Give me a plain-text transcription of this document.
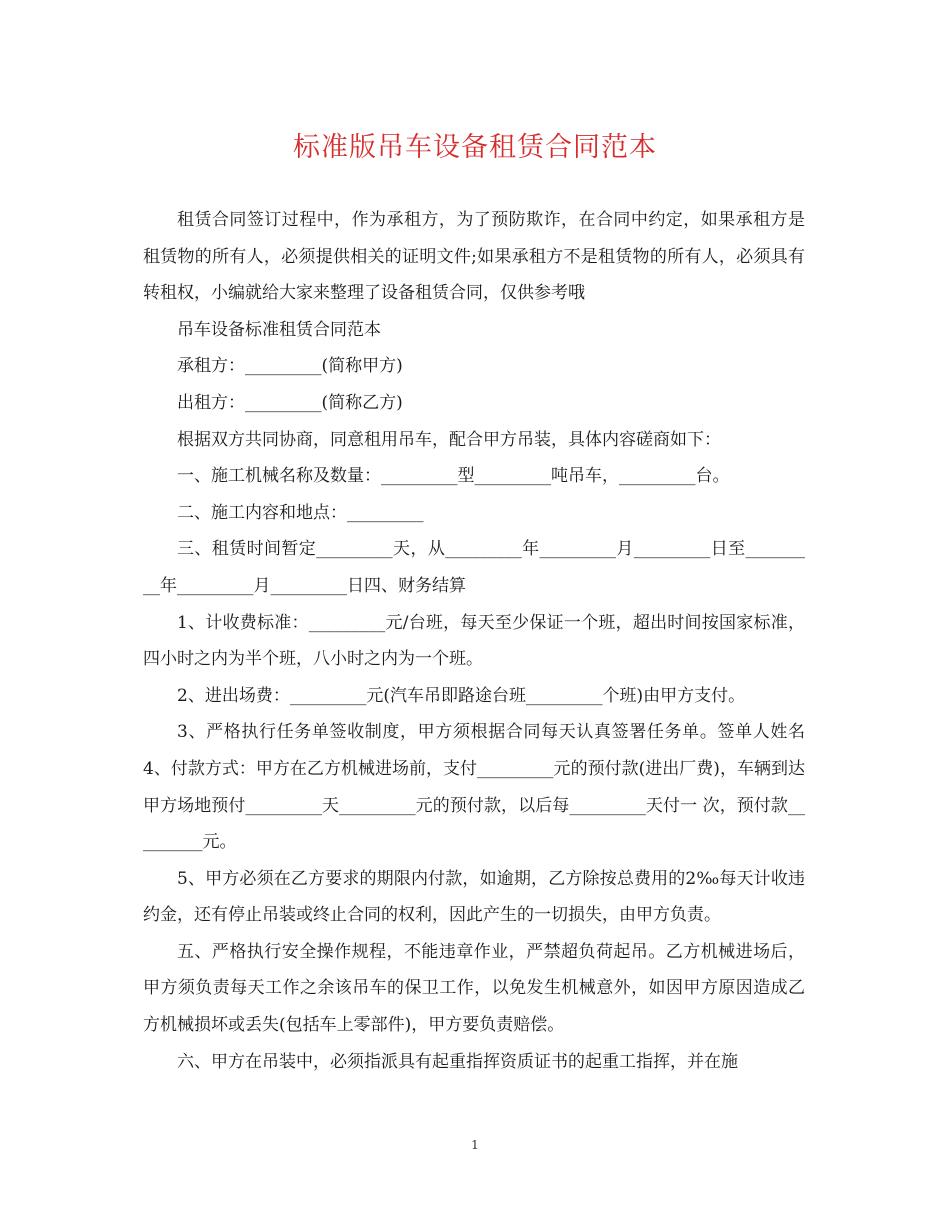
标准版吊车设备租赁合同范本

租赁合同签订过程中，作为承租方，为了预防欺诈，在合同中约定，如果承租方是租赁物的所有人，必须提供相关的证明文件;如果承租方不是租赁物的所有人，必须具有转租权，小编就给大家来整理了设备租赁合同，仅供参考哦

吊车设备标准租赁合同范本

承租方：_________(简称甲方)

出租方：_________(简称乙方)

根据双方共同协商，同意租用吊车，配合甲方吊装，具体内容磋商如下：

一、施工机械名称及数量：_________型_________吨吊车，_________台。

二、施工内容和地点：_________

三、租赁时间暂定_________天，从_________年_________月_________日至_________年_________月_________日四、财务结算

1、计收费标准：_________元/台班，每天至少保证一个班，超出时间按国家标准，四小时之内为半个班，八小时之内为一个班。

2、进出场费：_________元(汽车吊即路途台班_________个班)由甲方支付。

3、严格执行任务单签收制度，甲方须根据合同每天认真签署任务单。签单人姓名4、付款方式：甲方在乙方机械进场前，支付_________元的预付款(进出厂费)，车辆到达甲方场地预付_________天_________元的预付款，以后每_________天付一 次，预付款_________元。

5、甲方必须在乙方要求的期限内付款，如逾期，乙方除按总费用的2‰每天计收违约金，还有停止吊装或终止合同的权利，因此产生的一切损失，由甲方负责。

五、严格执行安全操作规程，不能违章作业，严禁超负荷起吊。乙方机械进场后，甲方须负责每天工作之余该吊车的保卫工作，以免发生机械意外，如因甲方原因造成乙方机械损坏或丢失(包括车上零部件)，甲方要负责赔偿。

六、甲方在吊装中，必须指派具有起重指挥资质证书的起重工指挥，并在施

1
